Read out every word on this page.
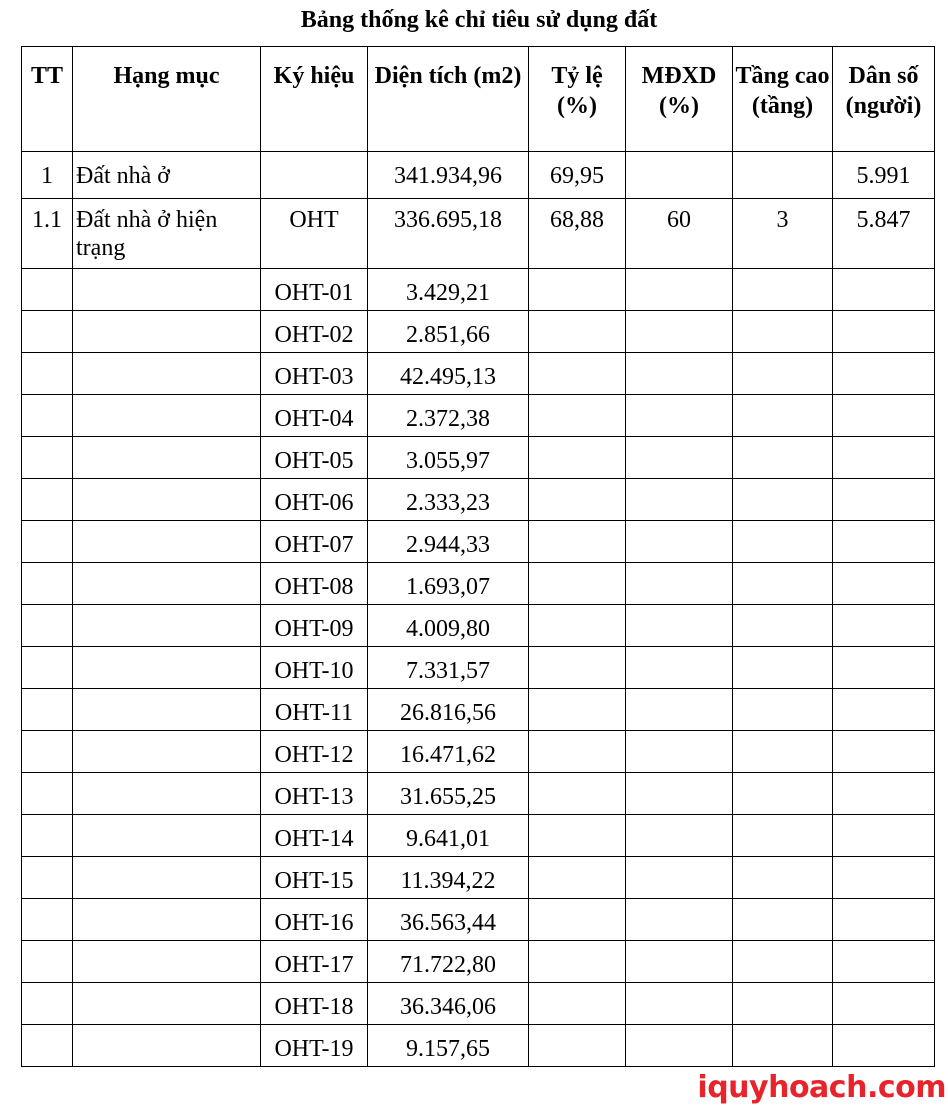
Bảng thống kê chỉ tiêu sử dụng đất
TT	Hạng mục	Ký hiệu	Diện tích (m2)	Tỷ lệ (%)	MĐXD (%)	Tầng cao (tầng)	Dân số (người)
1	Đất nhà ở		341.934,96	69,95			5.991
1.1	Đất nhà ở hiện trạng	OHT	336.695,18	68,88	60	3	5.847
		OHT-01	3.429,21				
		OHT-02	2.851,66				
		OHT-03	42.495,13				
		OHT-04	2.372,38				
		OHT-05	3.055,97				
		OHT-06	2.333,23				
		OHT-07	2.944,33				
		OHT-08	1.693,07				
		OHT-09	4.009,80				
		OHT-10	7.331,57				
		OHT-11	26.816,56				
		OHT-12	16.471,62				
		OHT-13	31.655,25				
		OHT-14	9.641,01				
		OHT-15	11.394,22				
		OHT-16	36.563,44				
		OHT-17	71.722,80				
		OHT-18	36.346,06				
		OHT-19	9.157,65				
iquyhoach.com
